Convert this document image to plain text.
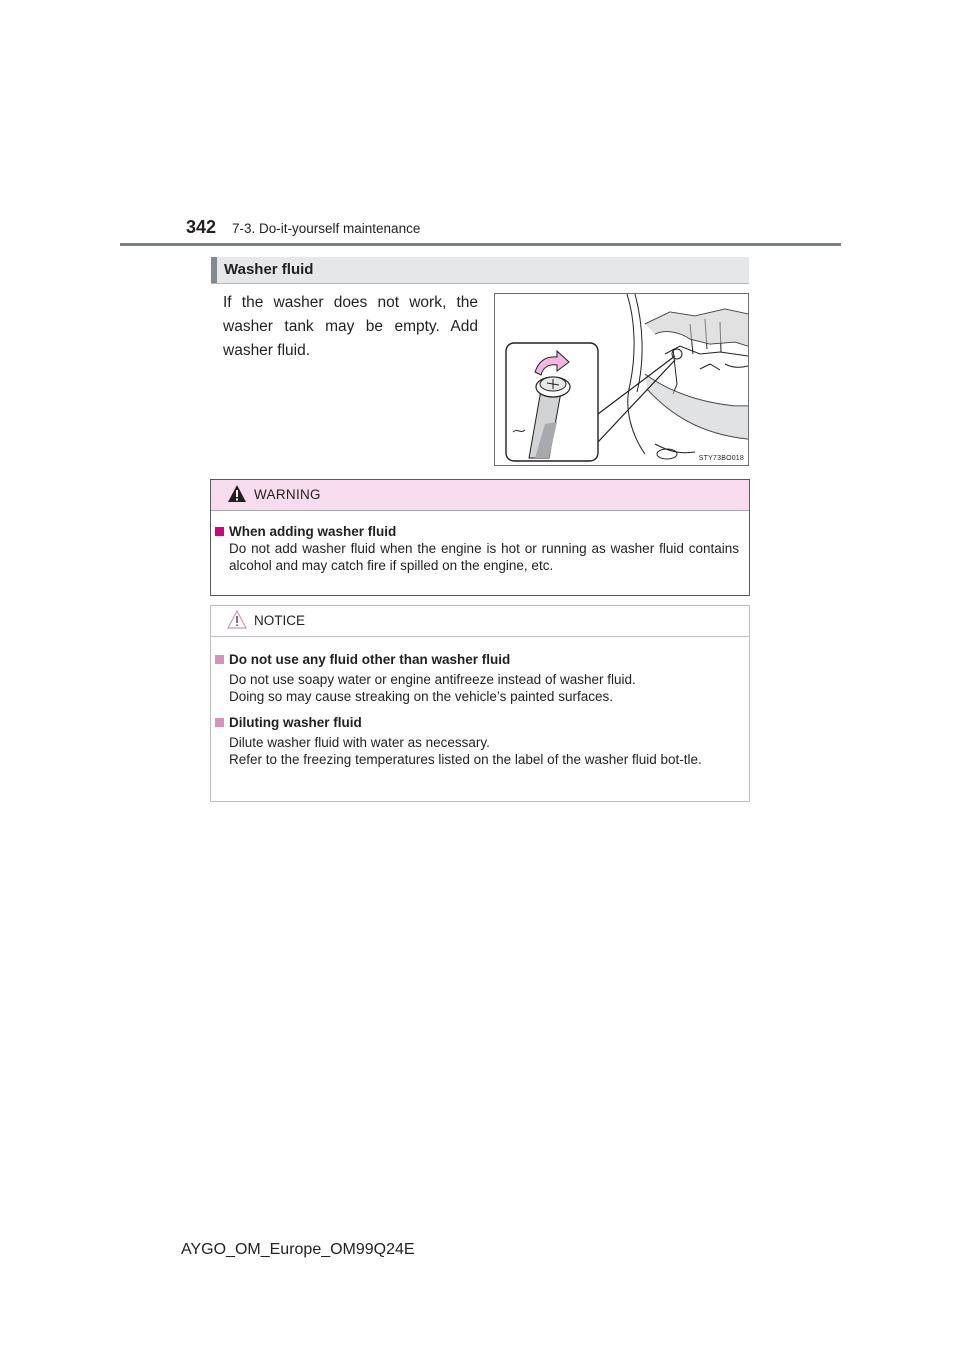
342 7-3. Do-it-yourself maintenance
Washer fluid
If the washer does not work, the washer tank may be empty. Add washer fluid.
STY73BO018
WARNING
When adding washer fluid

Do not add washer fluid when the engine is hot or running as washer fluid contains alcohol and may catch fire if spilled on the engine, etc.

NOTICE
Do not use any fluid other than washer fluid

Do not use soapy water or engine antifreeze instead of washer fluid.

Doing so may cause streaking on the vehicle’s painted surfaces.

Diluting washer fluid

Dilute washer fluid with water as necessary.

Refer to the freezing temperatures listed on the label of the washer fluid bot-tle.

AYGO_OM_Europe_OM99Q24E
